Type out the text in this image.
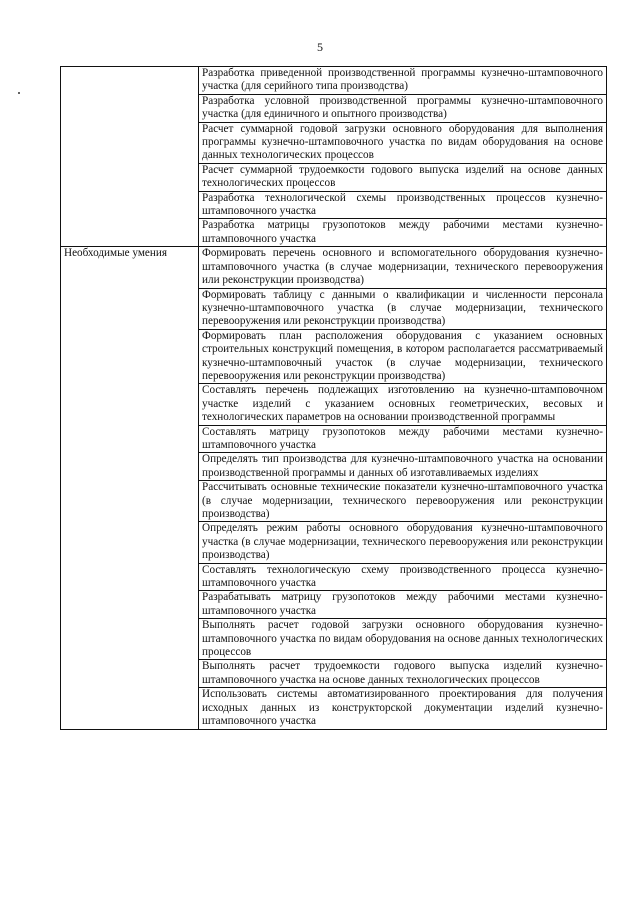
5
	Разработка приведенной производственной программы кузнечно-штамповочного участка (для серийного типа производства)
	Разработка условной производственной программы кузнечно-штамповочного участка (для единичного и опытного производства)
	Расчет суммарной годовой загрузки основного оборудования для выполнения программы кузнечно-штамповочного участка по видам оборудования на основе данных технологических процессов
	Расчет суммарной трудоемкости годового выпуска изделий на основе данных технологических процессов
	Разработка технологической схемы производственных процессов кузнечно-штамповочного участка
	Разработка матрицы грузопотоков между рабочими местами кузнечно-штамповочного участка
Необходимые умения	Формировать перечень основного и вспомогательного оборудования кузнечно-штамповочного участка (в случае модернизации, технического перевооружения или реконструкции производства)
	Формировать таблицу с данными о квалификации и численности персонала кузнечно-штамповочного участка (в случае модернизации, технического перевооружения или реконструкции производства)
	Формировать план расположения оборудования с указанием основных строительных конструкций помещения, в котором располагается рассматриваемый кузнечно-штамповочный участок (в случае модернизации, технического перевооружения или реконструкции производства)
	Составлять перечень подлежащих изготовлению на кузнечно-штамповочном участке изделий с указанием основных геометрических, весовых и технологических параметров на основании производственной программы
	Составлять матрицу грузопотоков между рабочими местами кузнечно-штамповочного участка
	Определять тип производства для кузнечно-штамповочного участка на основании производственной программы и данных об изготавливаемых изделиях
	Рассчитывать основные технические показатели кузнечно-штамповочного участка (в случае модернизации, технического перевооружения или реконструкции производства)
	Определять режим работы основного оборудования кузнечно-штамповочного участка (в случае модернизации, технического перевооружения или реконструкции производства)
	Составлять технологическую схему производственного процесса кузнечно-штамповочного участка
	Разрабатывать матрицу грузопотоков между рабочими местами кузнечно-штамповочного участка
	Выполнять расчет годовой загрузки основного оборудования кузнечно-штамповочного участка по видам оборудования на основе данных технологических процессов
	Выполнять расчет трудоемкости годового выпуска изделий кузнечно-штамповочного участка на основе данных технологических процессов
	Использовать системы автоматизированного проектирования для получения исходных данных из конструкторской документации изделий кузнечно-штамповочного участка
